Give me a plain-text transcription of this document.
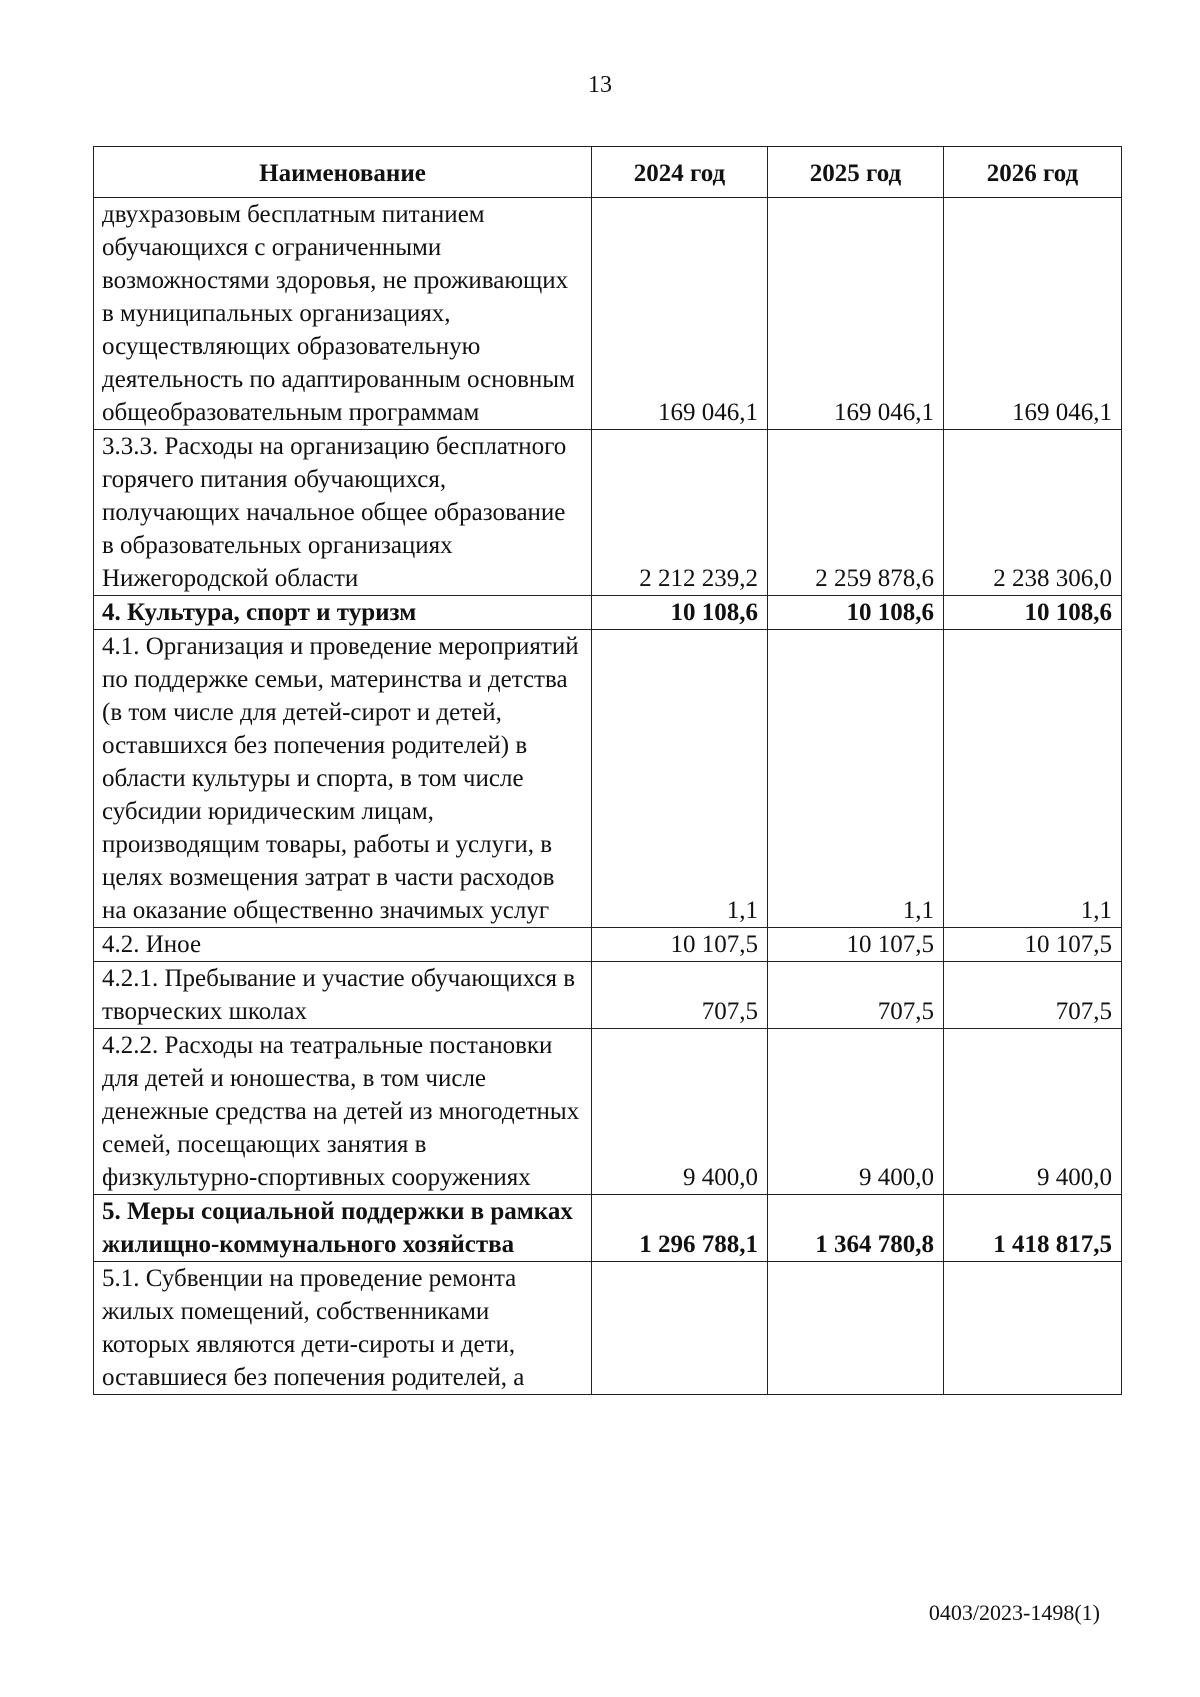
13
Наименование	2024 год	2025 год	2026 год
двухразовым бесплатным питанием обучающихся с ограниченными возможностями здоровья, не проживающих в муниципальных организациях, осуществляющих образовательную деятельность по адаптированным основным общеобразовательным программам	169 046,1	169 046,1	169 046,1
3.3.3. Расходы на организацию бесплатного горячего питания обучающихся, получающих начальное общее образование в образовательных организациях Нижегородской области	2 212 239,2	2 259 878,6	2 238 306,0
4. Культура, спорт и туризм	10 108,6	10 108,6	10 108,6
4.1. Организация и проведение мероприятий по поддержке семьи, материнства и детства (в том числе для детей-сирот и детей, оставшихся без попечения родителей) в области культуры и спорта, в том числе субсидии юридическим лицам, производящим товары, работы и услуги, в целях возмещения затрат в части расходов на оказание общественно значимых услуг	1,1	1,1	1,1
4.2. Иное	10 107,5	10 107,5	10 107,5
4.2.1. Пребывание и участие обучающихся в творческих школах	707,5	707,5	707,5
4.2.2. Расходы на театральные постановки для детей и юношества, в том числе денежные средства на детей из многодетных семей, посещающих занятия в физкультурно-спортивных сооружениях	9 400,0	9 400,0	9 400,0
5. Меры социальной поддержки в рамках жилищно-коммунального хозяйства	1 296 788,1	1 364 780,8	1 418 817,5
5.1. Субвенции на проведение ремонта жилых помещений, собственниками которых являются дети-сироты и дети, оставшиеся без попечения родителей, а			
0403/2023-1498(1)
